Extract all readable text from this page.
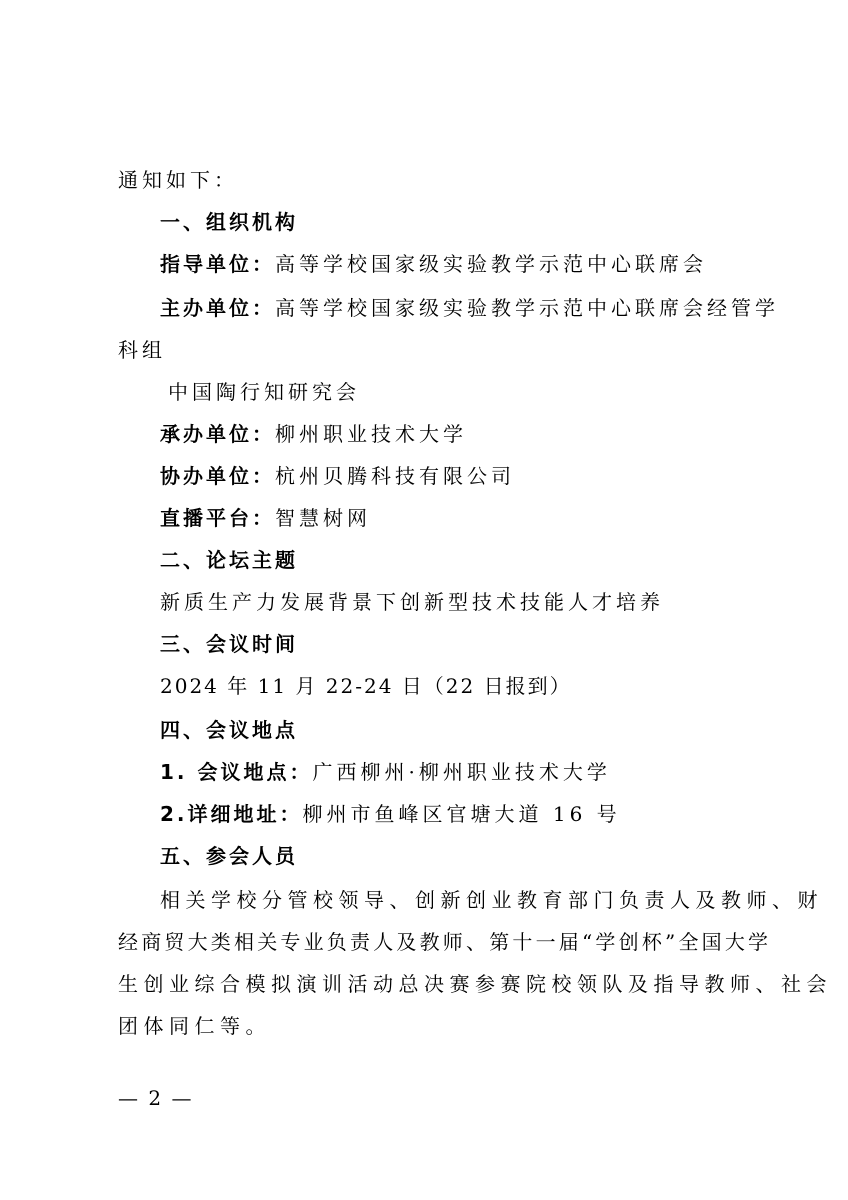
通知如下：
一、组织机构
指导单位：高等学校国家级实验教学示范中心联席会
主办单位：高等学校国家级实验教学示范中心联席会经管学
科组
中国陶行知研究会
承办单位：柳州职业技术大学
协办单位：杭州贝腾科技有限公司
直播平台：智慧树网
二、论坛主题
新质生产力发展背景下创新型技术技能人才培养
三、会议时间
2024 年 11 月 22-24 日（22 日报到）
四、会议地点
1. 会议地点：广西柳州·柳州职业技术大学
2.详细地址：柳州市鱼峰区官塘大道 16 号
五、参会人员
相关学校分管校领导、创新创业教育部门负责人及教师、财
经商贸大类相关专业负责人及教师、第十一届“学创杯”全国大学
生创业综合模拟演训活动总决赛参赛院校领队及指导教师、社会
团体同仁等。
— 2 —
